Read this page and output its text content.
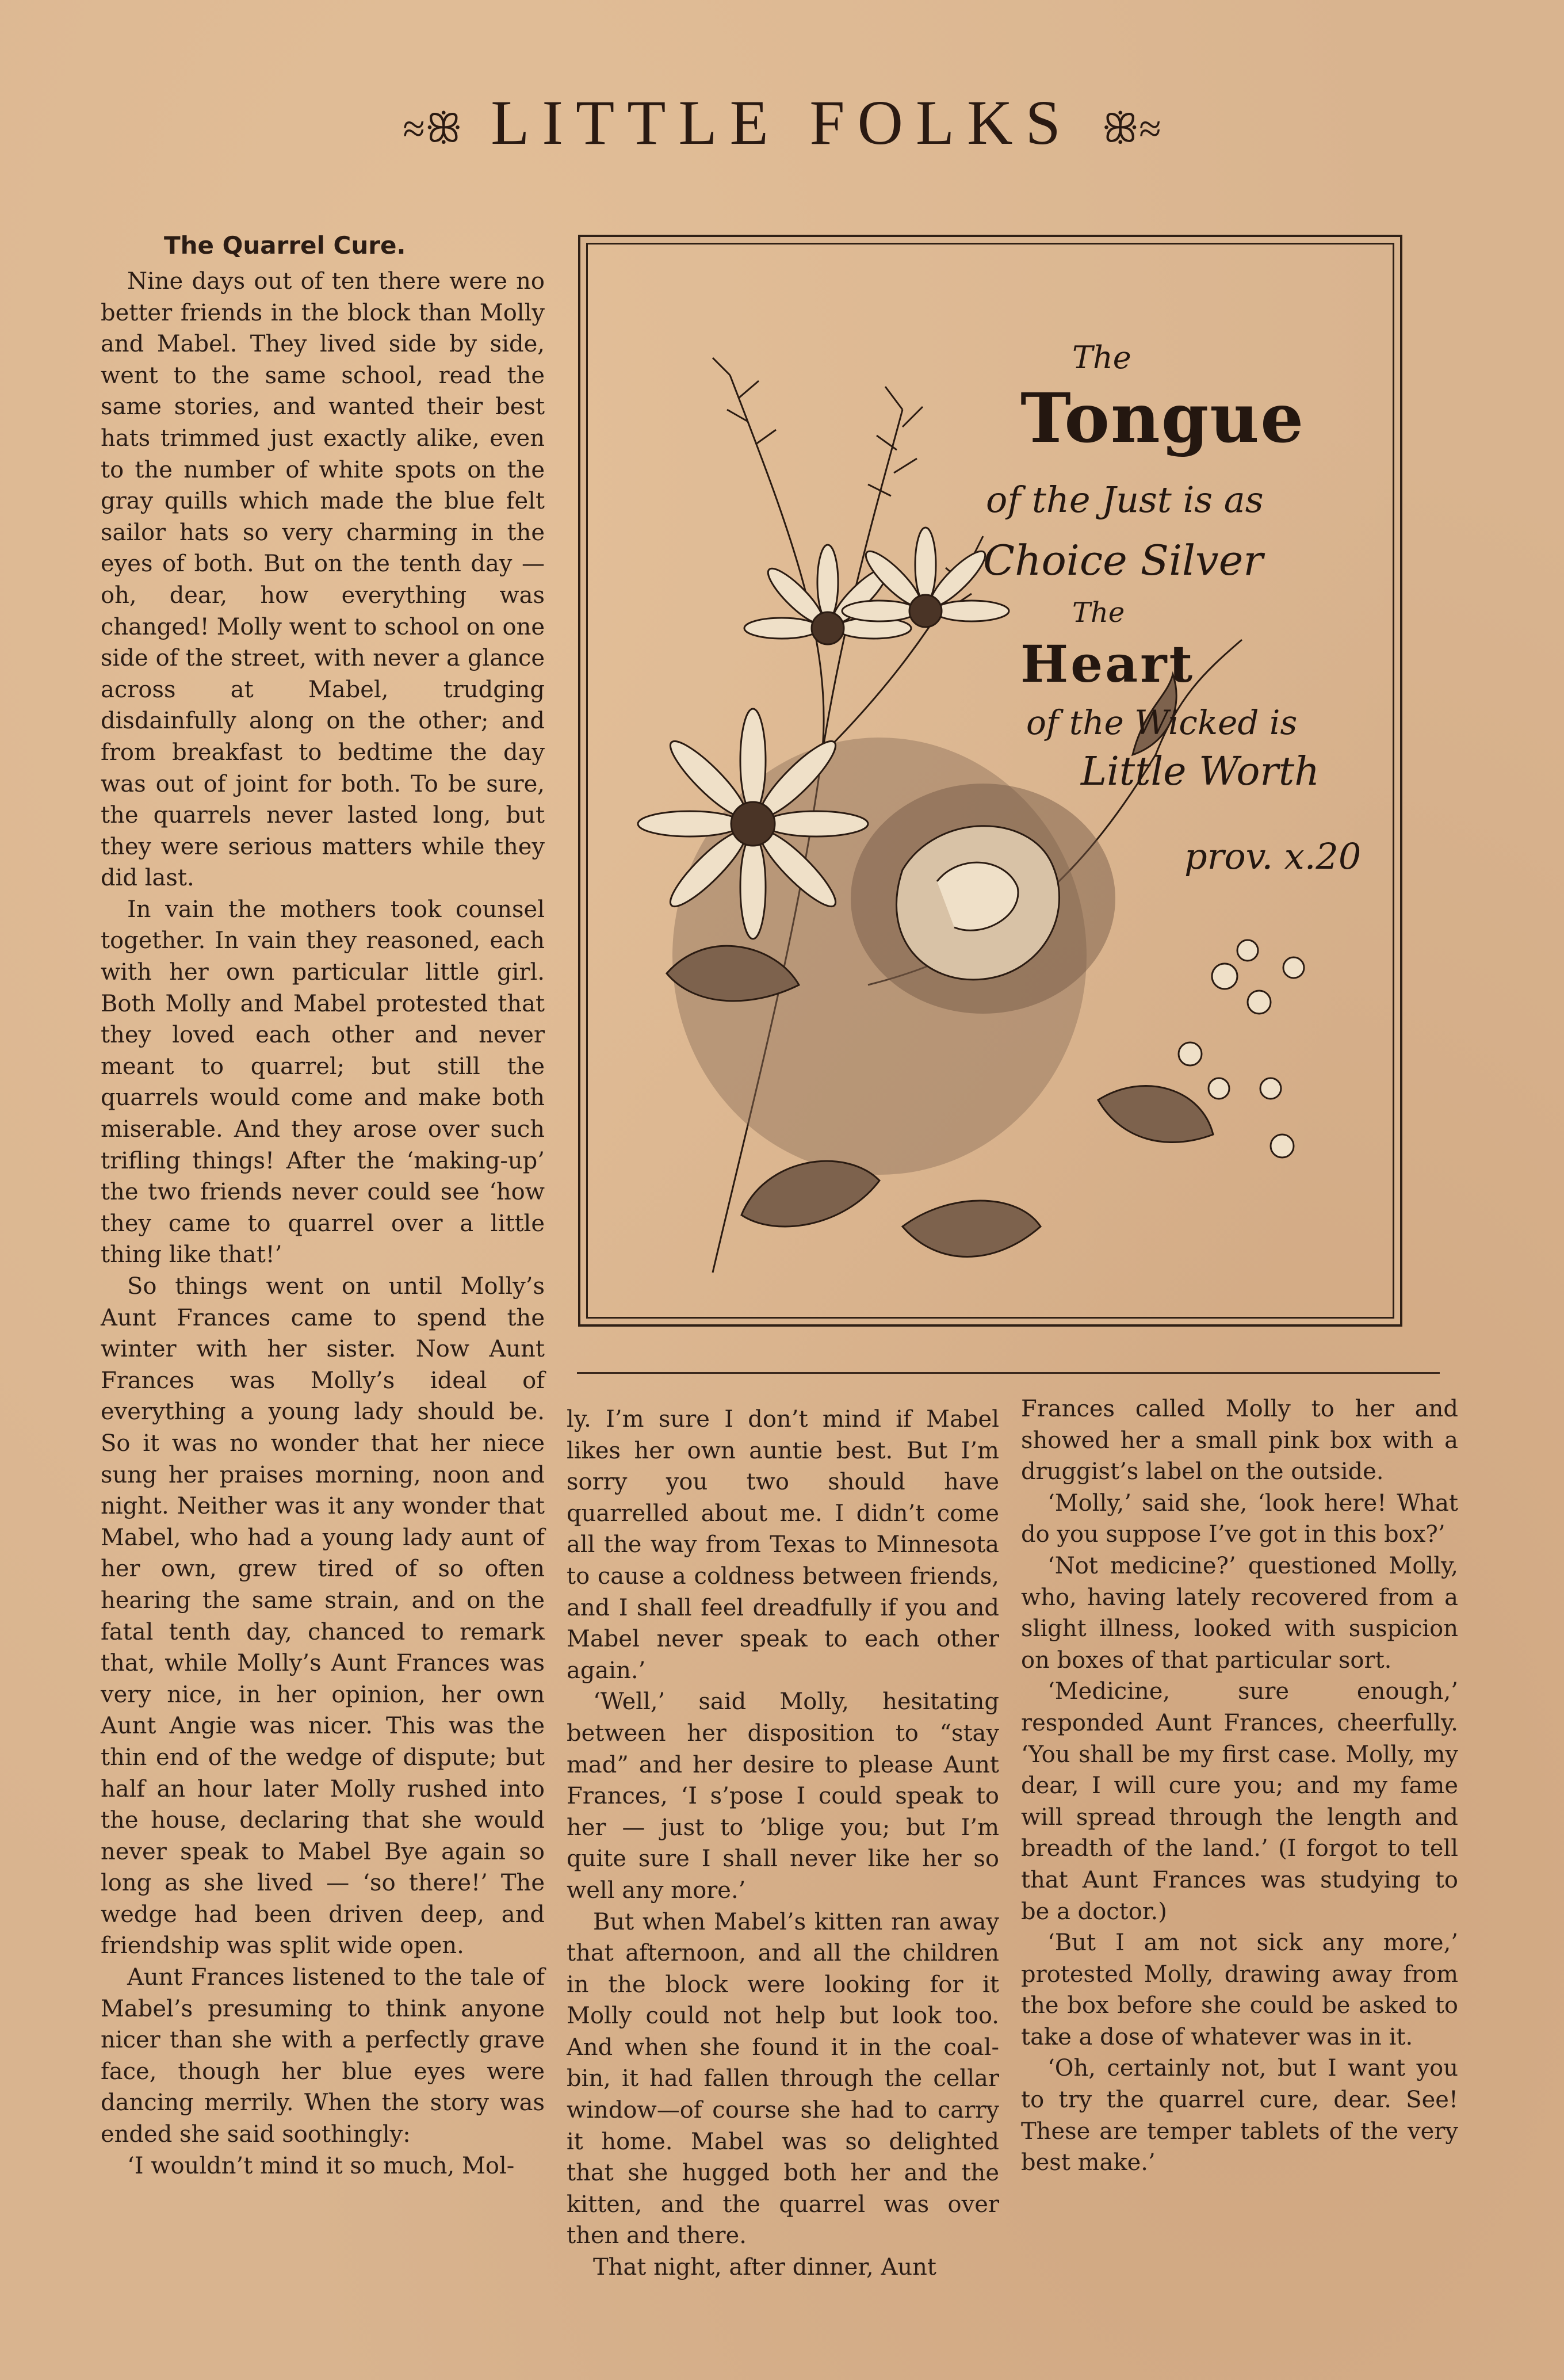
≈ꕥ LITTLE FOLKS ꕥ≈
The Quarrel Cure.

Nine days out of ten there were no better friends in the block than Molly and Mabel. They lived side by side, went to the same school, read the same stories, and wanted their best hats trimmed just exactly alike, even to the number of white spots on the gray quills which made the blue felt sailor hats so very charming in the eyes of both. But on the tenth day — oh, dear, how everything was changed! Molly went to school on one side of the street, with never a glance across at Mabel, trudging disdainfully along on the other; and from breakfast to bedtime the day was out of joint for both. To be sure, the quarrels never lasted long, but they were serious matters while they did last.

In vain the mothers took counsel together. In vain they reasoned, each with her own particular little girl. Both Molly and Mabel protested that they loved each other and never meant to quarrel; but still the quarrels would come and make both miserable. And they arose over such trifling things! After the ‘making-up’ the two friends never could see ‘how they came to quarrel over a little thing like that!’

So things went on until Molly’s Aunt Frances came to spend the winter with her sister. Now Aunt Frances was Molly’s ideal of everything a young lady should be. So it was no wonder that her niece sung her praises morning, noon and night. Neither was it any wonder that Mabel, who had a young lady aunt of her own, grew tired of so often hearing the same strain, and on the fatal tenth day, chanced to remark that, while Molly’s Aunt Frances was very nice, in her opinion, her own Aunt Angie was nicer. This was the thin end of the wedge of dispute; but half an hour later Molly rushed into the house, declaring that she would never speak to Mabel Bye again so long as she lived — ‘so there!’ The wedge had been driven deep, and friendship was split wide open.

Aunt Frances listened to the tale of Mabel’s presuming to think anyone nicer than she with a perfectly grave face, though her blue eyes were dancing merrily. When the story was ended she said soothingly:

‘I wouldn’t mind it so much, Mol-

ly. I’m sure I don’t mind if Mabel likes her own auntie best. But I’m sorry you two should have quarrelled about me. I didn’t come all the way from Texas to Minnesota to cause a coldness between friends, and I shall feel dreadfully if you and Mabel never speak to each other again.’

‘Well,’ said Molly, hesitating between her disposition to “stay mad” and her desire to please Aunt Frances, ‘I s’pose I could speak to her — just to ’blige you; but I’m quite sure I shall never like her so well any more.’

But when Mabel’s kitten ran away that afternoon, and all the children in the block were looking for it Molly could not help but look too. And when she found it in the coal-bin, it had fallen through the cellar window—of course she had to carry it home. Mabel was so delighted that she hugged both her and the kitten, and the quarrel was over then and there.

That night, after dinner, Aunt

Frances called Molly to her and showed her a small pink box with a druggist’s label on the outside.

‘Molly,’ said she, ‘look here! What do you suppose I’ve got in this box?’

‘Not medicine?’ questioned Molly, who, having lately recovered from a slight illness, looked with suspicion on boxes of that particular sort.

‘Medicine, sure enough,’ responded Aunt Frances, cheerfully. ‘You shall be my first case. Molly, my dear, I will cure you; and my fame will spread through the length and breadth of the land.’ (I forgot to tell that Aunt Frances was studying to be a doctor.)

‘But I am not sick any more,’ protested Molly, drawing away from the box before she could be asked to take a dose of whatever was in it.

‘Oh, certainly not, but I want you to try the quarrel cure, dear. See! These are temper tablets of the very best make.’

The
Tongue
of the Just is as
Choice Silver
The
Heart
of the Wicked is
Little Worth
prov. x.20
